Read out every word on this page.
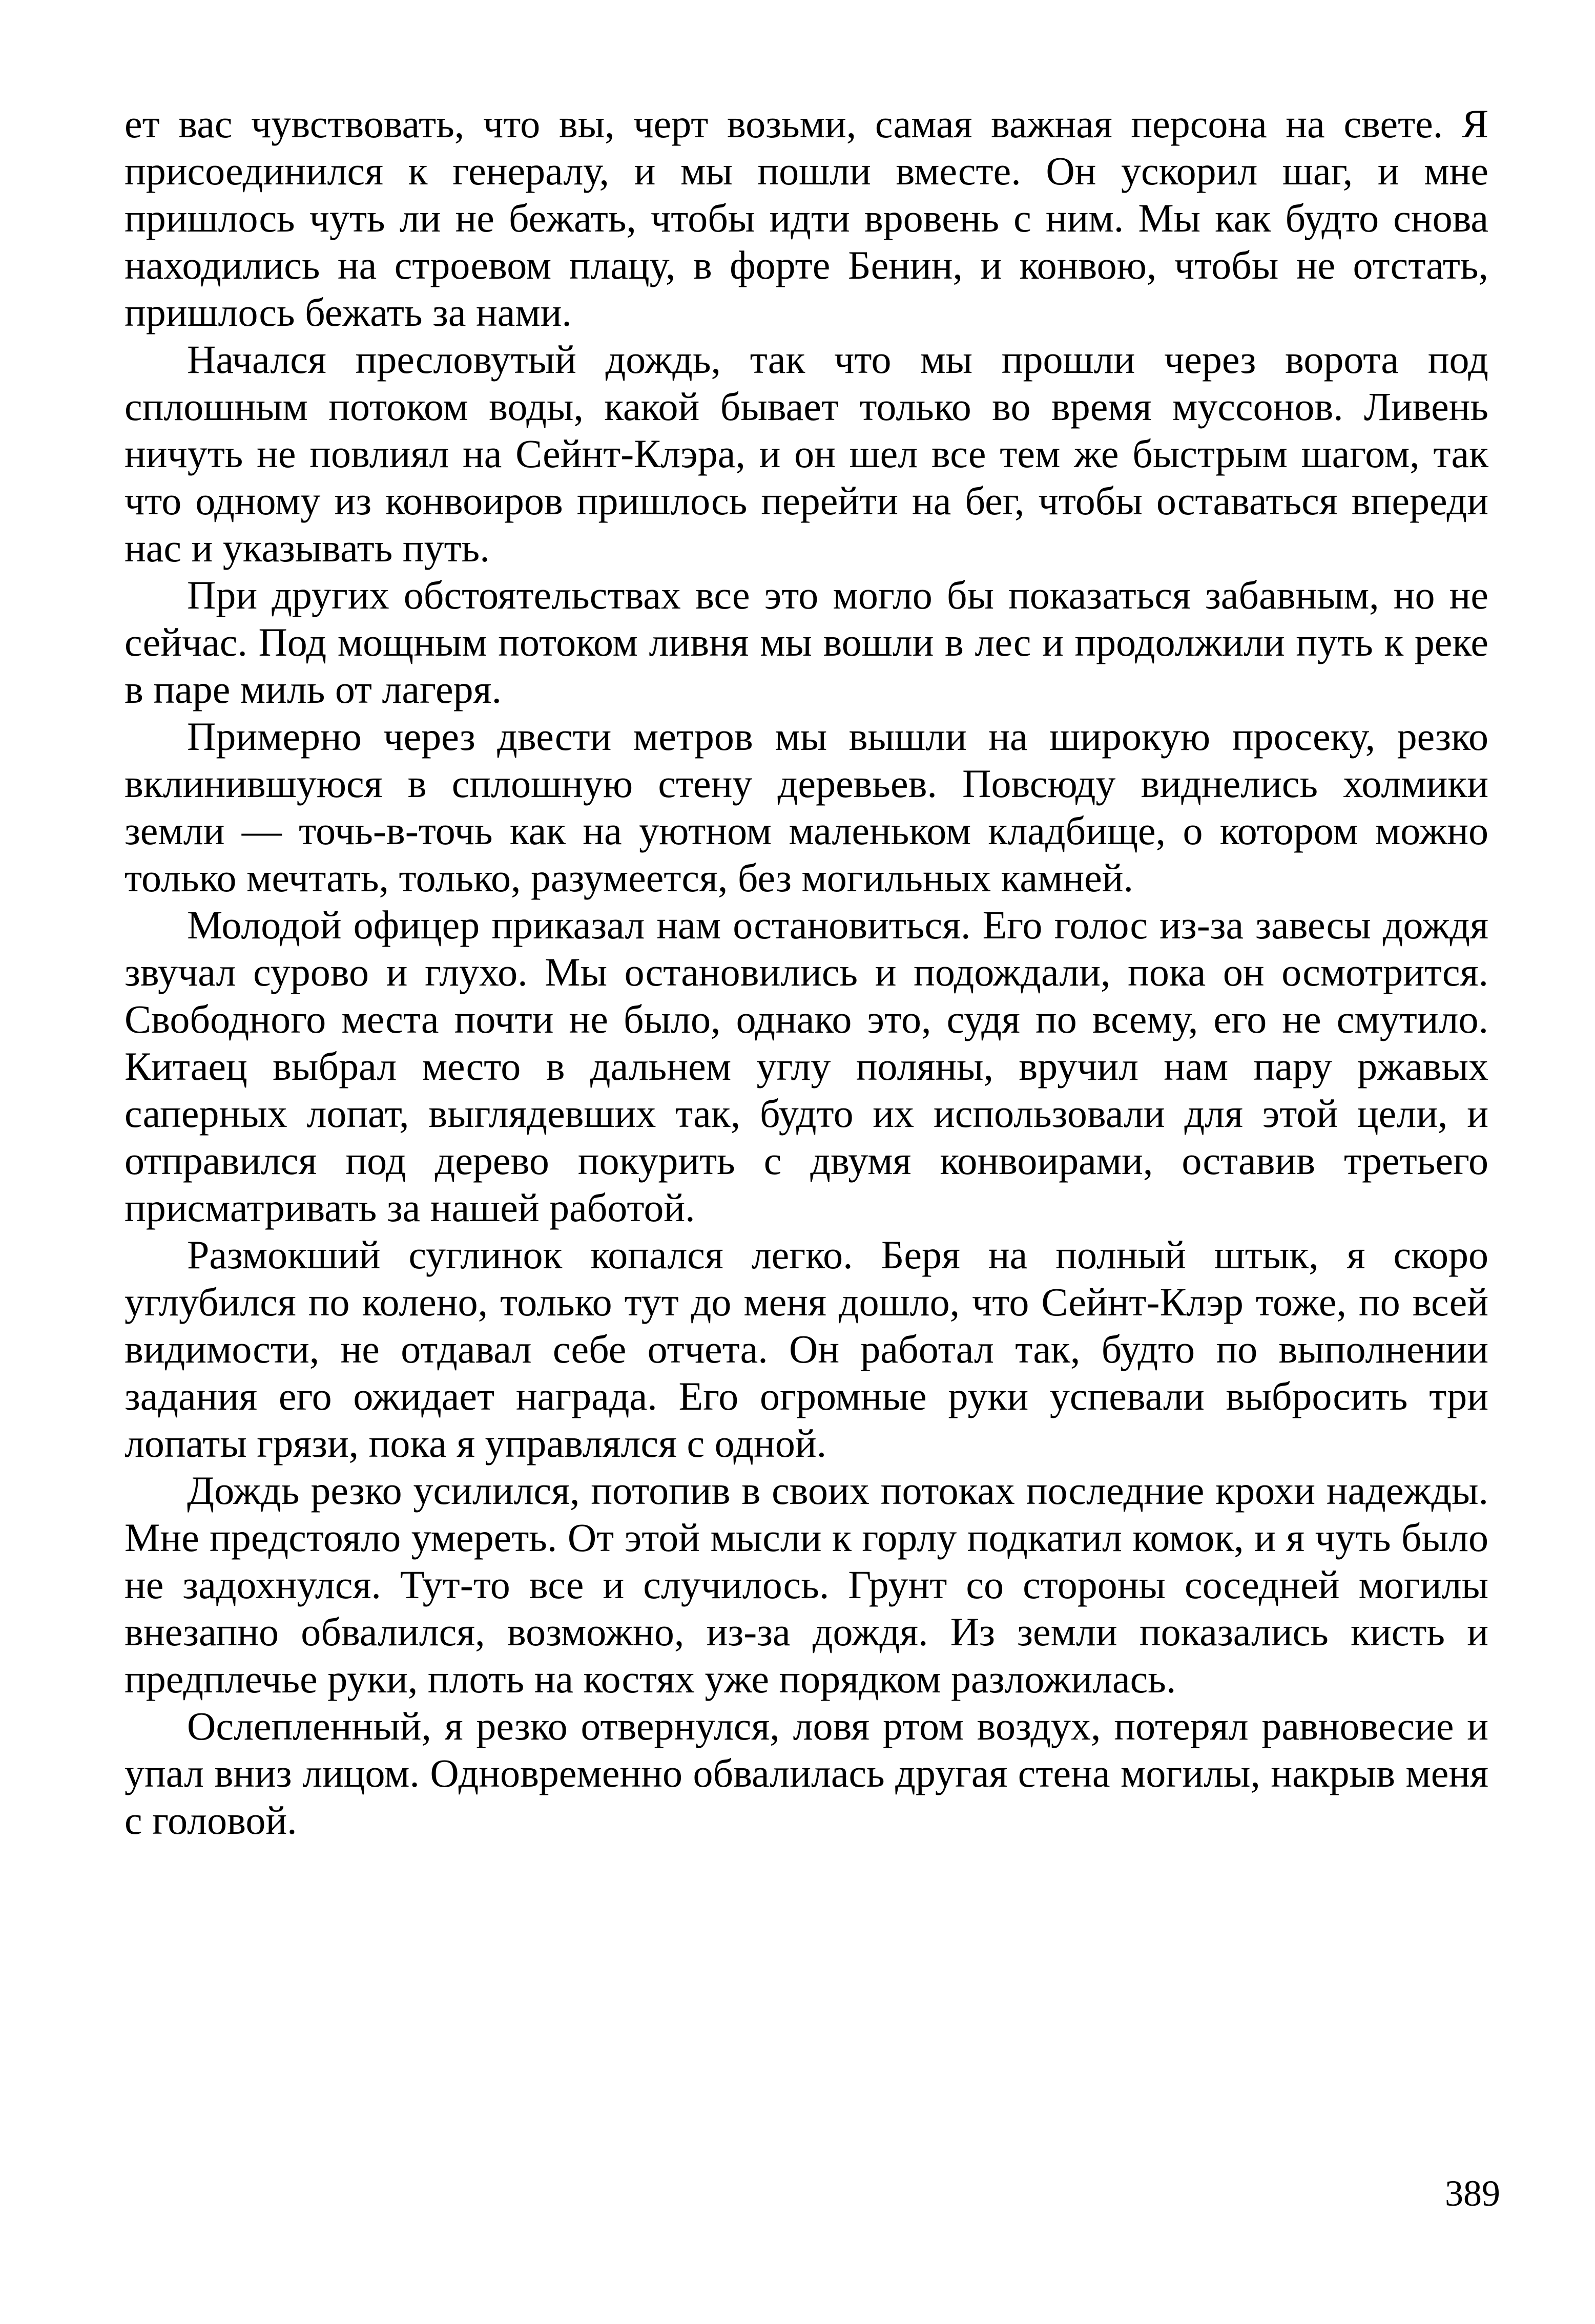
ет вас чувствовать, что вы, черт возьми, самая важная персона на свете. Я присоединился к генералу, и мы пошли вместе. Он ускорил шаг, и мне пришлось чуть ли не бежать, чтобы идти вровень с ним. Мы как будто снова находились на строевом плацу, в форте Бенин, и конвою, чтобы не отстать, пришлось бежать за нами.

Начался пресловутый дождь, так что мы прошли через ворота под сплошным потоком воды, какой бывает только во время муссонов. Ливень ничуть не повлиял на Сейнт-Клэра, и он шел все тем же быстрым шагом, так что одному из конвоиров пришлось перейти на бег, чтобы оставаться впереди нас и указывать путь.

При других обстоятельствах все это могло бы показаться забавным, но не сейчас. Под мощным потоком ливня мы вошли в лес и продолжили путь к реке в паре миль от лагеря.

Примерно через двести метров мы вышли на широкую просеку, резко вклинившуюся в сплошную стену деревьев. Повсюду виднелись холмики земли — точь-в-точь как на уютном маленьком кладбище, о котором можно только мечтать, только, разумеется, без могильных камней.

Молодой офицер приказал нам остановиться. Его голос из-за завесы дождя звучал сурово и глухо. Мы остановились и подождали, пока он осмотрится. Свободного места почти не было, однако это, судя по всему, его не смутило. Китаец выбрал место в дальнем углу поляны, вручил нам пару ржавых саперных лопат, выглядевших так, будто их использовали для этой цели, и отправился под дерево покурить с двумя конвоирами, оставив третьего присматривать за нашей работой.

Размокший суглинок копался легко. Беря на полный штык, я скоро углубился по колено, только тут до меня дошло, что Сейнт-Клэр тоже, по всей видимости, не отдавал себе отчета. Он работал так, будто по выполнении задания его ожидает награда. Его огромные руки успевали выбросить три лопаты грязи, пока я управлялся с одной.

Дождь резко усилился, потопив в своих потоках последние крохи надежды. Мне предстояло умереть. От этой мысли к горлу подкатил комок, и я чуть было не задохнулся. Тут-то все и случилось. Грунт со стороны соседней могилы внезапно обвалился, возможно, из-за дождя. Из земли показались кисть и предплечье руки, плоть на костях уже порядком разложилась.

Ослепленный, я резко отвернулся, ловя ртом воздух, потерял равновесие и упал вниз лицом. Одновременно обвалилась другая стена могилы, накрыв меня с головой.

389
